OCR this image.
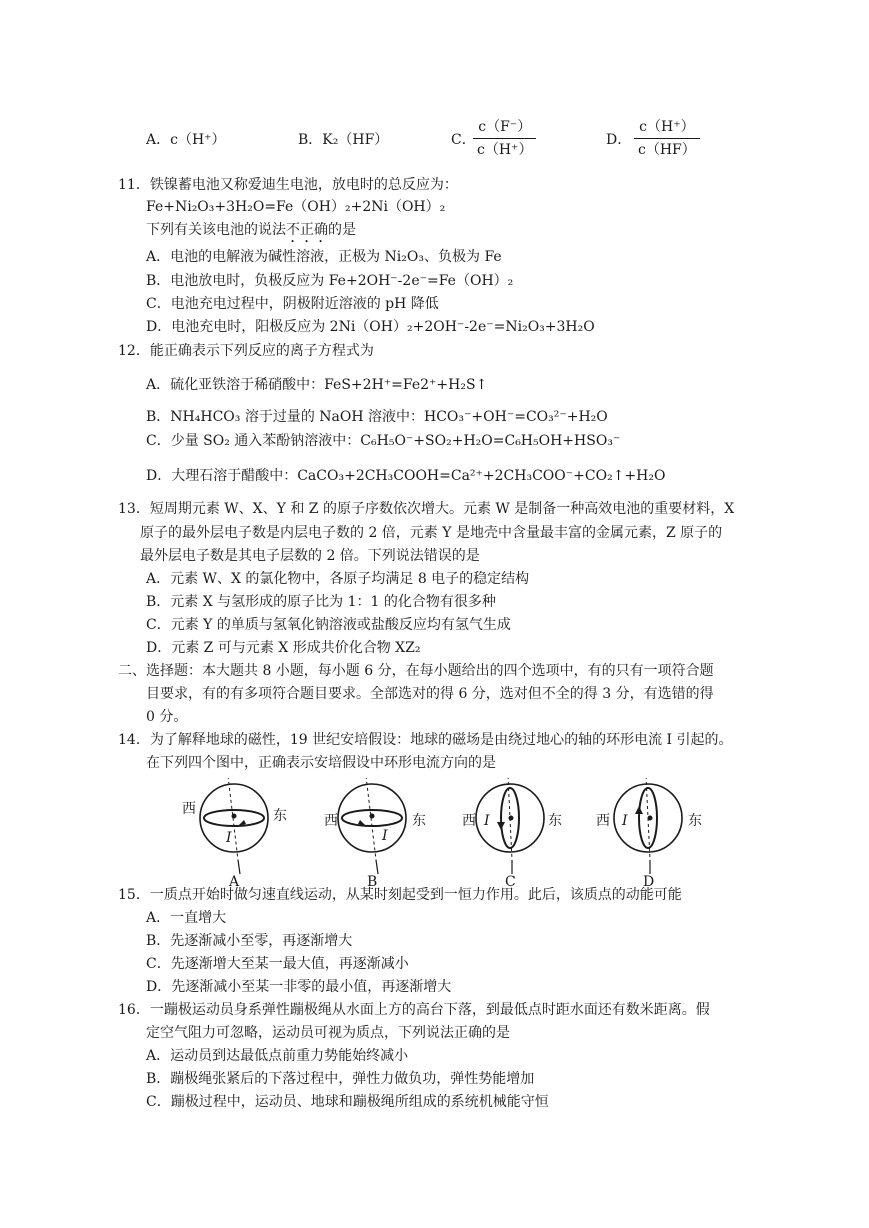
A．c（H⁺）	B．K₂（HF）	C．
c（F⁻）
c（H⁺）
D．
c（H⁺）
c（HF）
11．铁镍蓄电池又称爱迪生电池，放电时的总反应为：
Fe+Ni₂O₃+3H₂O=Fe（OH）₂+2Ni（OH）₂
下列有关该电池的说法不正确的是
A．电池的电解液为碱性溶液，正极为 Ni₂O₃、负极为 Fe
B．电池放电时，负极反应为 Fe+2OH⁻-2e⁻=Fe（OH）₂
C．电池充电过程中，阴极附近溶液的 pH 降低
D．电池充电时，阳极反应为 2Ni（OH）₂+2OH⁻-2e⁻=Ni₂O₃+3H₂O
12．能正确表示下列反应的离子方程式为
A．硫化亚铁溶于稀硝酸中：FeS+2H⁺=Fe2⁺+H₂S↑
B．NH₄HCO₃ 溶于过量的 NaOH 溶液中：HCO₃⁻+OH⁻=CO₃²⁻+H₂O
C．少量 SO₂ 通入苯酚钠溶液中：C₆H₅O⁻+SO₂+H₂O=C₆H₅OH+HSO₃⁻
D．大理石溶于醋酸中：CaCO₃+2CH₃COOH=Ca²⁺+2CH₃COO⁻+CO₂↑+H₂O
13．短周期元素 W、X、Y 和 Z 的原子序数依次增大。元素 W 是制备一种高效电池的重要材料，X
原子的最外层电子数是内层电子数的 2 倍，元素 Y 是地壳中含量最丰富的金属元素，Z 原子的
最外层电子数是其电子层数的 2 倍。下列说法错误的是
A．元素 W、X 的氯化物中，各原子均满足 8 电子的稳定结构
B．元素 X 与氢形成的原子比为 1：1 的化合物有很多种
C．元素 Y 的单质与氢氧化钠溶液或盐酸反应均有氢气生成
D．元素 Z 可与元素 X 形成共价化合物 XZ₂
二、选择题：本大题共 8 小题，每小题 6 分，在每小题给出的四个选项中，有的只有一项符合题
目要求，有的有多项符合题目要求。全部选对的得 6 分，选对但不全的得 3 分，有选错的得
0 分。
14．为了解释地球的磁性，19 世纪安培假设：地球的磁场是由绕过地心的轴的环形电流 I 引起的。
在下列四个图中，正确表示安培假设中环形电流方向的是
西	东
I
A
西	东
I
B
西	东
I
C
西	东
I
D
15．一质点开始时做匀速直线运动，从某时刻起受到一恒力作用。此后，该质点的动能可能
A．一直增大
B．先逐渐减小至零，再逐渐增大
C．先逐渐增大至某一最大值，再逐渐减小
D．先逐渐减小至某一非零的最小值，再逐渐增大
16．一蹦极运动员身系弹性蹦极绳从水面上方的高台下落，到最低点时距水面还有数米距离。假
定空气阻力可忽略，运动员可视为质点，下列说法正确的是
A．运动员到达最低点前重力势能始终减小
B．蹦极绳张紧后的下落过程中，弹性力做负功，弹性势能增加
C．蹦极过程中，运动员、地球和蹦极绳所组成的系统机械能守恒
